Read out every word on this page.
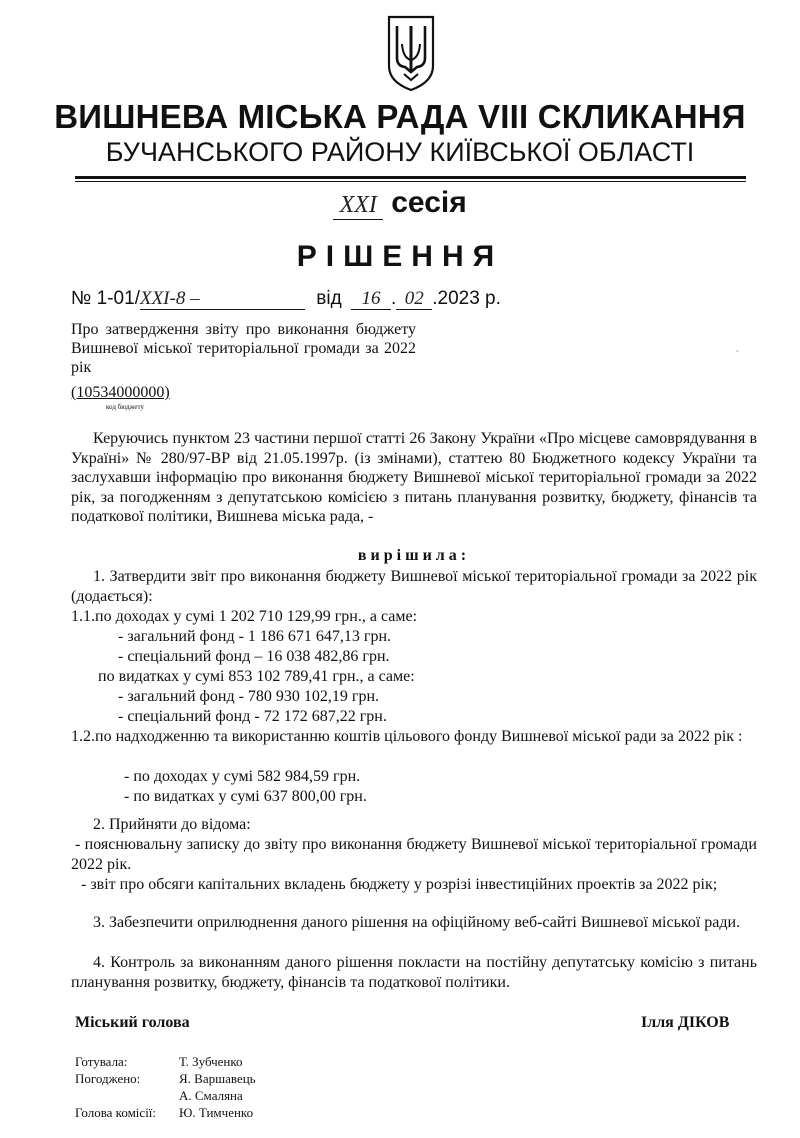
ВИШНЕВА МІСЬКА РАДА VIII СКЛИКАННЯ
БУЧАНСЬКОГО РАЙОНУ КИЇВСЬКОЇ ОБЛАСТІ
XXI сесія
РІШЕННЯ
№ 1-01/XXI-8 –	від 16 . 02 .2023 р.
Про затвердження звіту про виконання бюджету Вишневої міської територіальної громади за 2022 рік
(10534000000)
код бюджету
Керуючись пунктом 23 частини першої статті 26 Закону України «Про місцеве самоврядування в Україні» № 280/97-ВР від 21.05.1997р. (із змінами), статтею 80 Бюджетного кодексу України та заслухавши інформацію про виконання бюджету Вишневої міської територіальної громади за 2022 рік, за погодженням з депутатською комісією з питань планування розвитку, бюджету, фінансів та податкової політики, Вишнева міська рада, -
вирішила:
1. Затвердити звіт про виконання бюджету Вишневої міської територіальної громади за 2022 рік (додається):
1.1.по доходах у сумі 1 202 710 129,99 грн., а саме:
- загальний фонд - 1 186 671 647,13 грн.
- спеціальний фонд – 16 038 482,86 грн.
по видатках у сумі 853 102 789,41 грн., а саме:
- загальний фонд - 780 930 102,19 грн.
- спеціальний фонд - 72 172 687,22 грн.
1.2.по надходженню та використанню коштів цільового фонду Вишневої міської ради за 2022 рік :
- по доходах у сумі 582 984,59 грн.
- по видатках у сумі 637 800,00 грн.
2. Прийняти до відома:
- пояснювальну записку до звіту про виконання бюджету Вишневої міської територіальної громади 2022 рік.
- звіт про обсяги капітальних вкладень бюджету у розрізі інвестиційних проектів за 2022 рік;
3. Забезпечити оприлюднення даного рішення на офіційному веб-сайті Вишневої міської ради.
4. Контроль за виконанням даного рішення покласти на постійну депутатську комісію з питань планування розвитку, бюджету, фінансів та податкової політики.
Міський голова	Ілля ДІКОВ
Готувала:	Т. Зубченко
Погоджено:	Я. Варшавець
А. Смаляна
Голова комісії:	Ю. Тимченко
·
